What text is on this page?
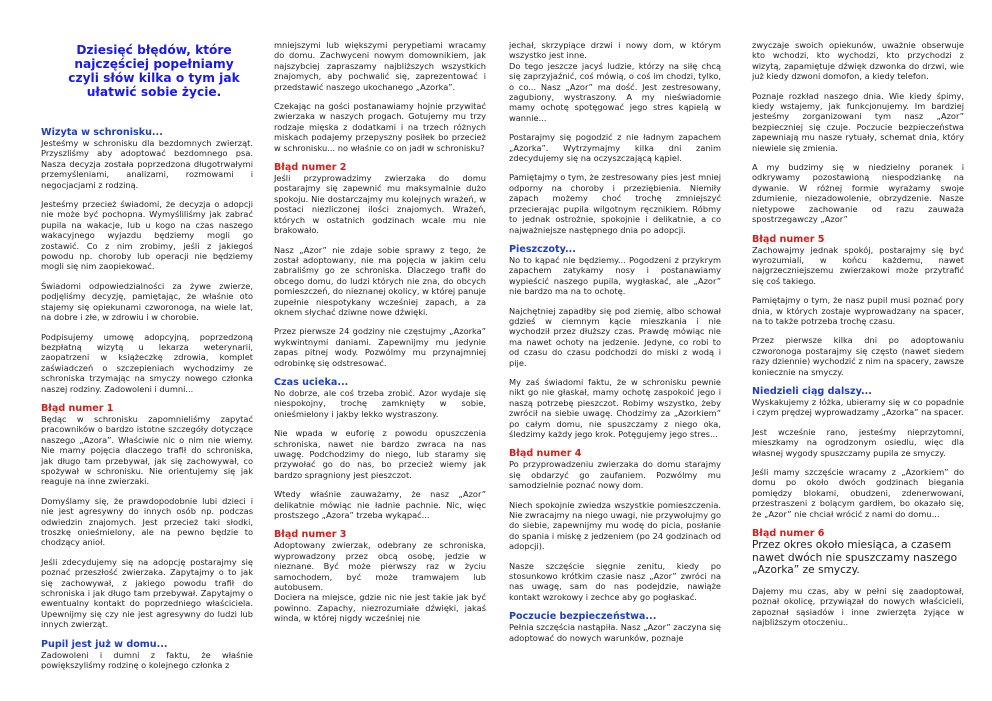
Dziesięć błędów, które najczęściej popełniamy czyli słów kilka o tym jak ułatwić sobie życie.
Wizyta w schronisku...

Jesteśmy w schronisku dla bezdomnych zwierząt. Przyszliśmy aby adoptować bezdomnego psa. Nasza decyzja została poprzedzona długotrwałymi przemyśleniami, analizami, rozmowami i negocjacjami z rodziną.

Jesteśmy przecież świadomi, że decyzja o adopcji nie może być pochopna. Wymyśliliśmy jak zabrać pupila na wakacje, lub u kogo na czas naszego wakacyjnego wyjazdu będziemy mogli go zostawić. Co z nim zrobimy, jeśli z jakiegoś powodu np. choroby lub operacji nie będziemy mogli się nim zaopiekować.

Świadomi odpowiedzialności za żywe zwierze, podjęliśmy decyzję, pamiętając, że właśnie oto stajemy się opiekunami czworonoga, na wiele lat, na dobre i złe, w zdrowiu i w chorobie.

Podpisujemy umowę adopcyjną, poprzedzoną bezpłatną wizytą u lekarza weterynarii, zaopatrzeni w książeczkę zdrowia, komplet zaświadczeń o szczepieniach wychodzimy ze schroniska trzymając na smyczy nowego członka naszej rodziny. Zadowoleni i dumni...

Błąd numer 1

Będąc w schronisku zapomnieliśmy zapytać pracowników o bardzo istotne szczegóły dotyczące naszego „Azora”. Właściwie nic o nim nie wiemy. Nie mamy pojęcia dlaczego trafił do schroniska, jak długo tam przebywał, jak się zachowywał, co spożywał w schronisku. Nie orientujemy się jak reaguje na inne zwierzaki.

Domyślamy się, że prawdopodobnie lubi dzieci i nie jest agresywny do innych osób np. podczas odwiedzin znajomych. Jest przecież taki słodki, troszkę onieśmielony, ale na pewno będzie to chodzący anioł.

Jeśli zdecydujemy się na adopcję postarajmy się poznać przeszłość zwierzaka. Zapytajmy o to jak się zachowywał, z jakiego powodu trafił do schroniska i jak długo tam przebywał. Zapytajmy o ewentualny kontakt do poprzedniego właściciela. Upewnijmy się czy nie jest agresywny do ludzi lub innych zwierząt.

Pupil jest już w domu...

Zadowoleni i dumni z faktu, że właśnie powiększyliśmy rodzinę o kolejnego członka z

mniejszymi lub większymi perypetiami wracamy do domu. Zachwyceni nowym domownikiem, jak najszybciej zapraszamy najbliższych wszystkich znajomych, aby pochwalić się, zaprezentować i przedstawić naszego ukochanego „Azorka”.

Czekając na gości postanawiamy hojnie przywitać zwierzaka w naszych progach. Gotujemy mu trzy rodzaje mięska z dodatkami i na trzech różnych miskach podajemy przepyszny posiłek bo przecież w schronisku... no właśnie co on jadł w schronisku?

Błąd numer 2

Jeśli przyprowadzimy zwierzaka do domu postarajmy się zapewnić mu maksymalnie dużo spokoju. Nie dostarczajmy mu kolejnych wrażeń, w postaci niezliczonej ilości znajomych. Wrażeń, których w ostatnich godzinach wcale mu nie brakowało.

Nasz „Azor” nie zdaje sobie sprawy z tego, że został adoptowany, nie ma pojęcia w jakim celu zabraliśmy go ze schroniska. Dlaczego trafił do obcego domu, do ludzi których nie zna, do obcych pomieszczeń, do nieznanej okolicy, w której panuje zupełnie niespotykany wcześniej zapach, a za oknem słychać dziwne nowe dźwięki.

Przez pierwsze 24 godziny nie częstujmy „Azorka” wykwintnymi daniami. Zapewnijmy mu jedynie zapas pitnej wody. Pozwólmy mu przynajmniej odrobinkę się odstresować.

Czas ucieka...

No dobrze, ale coś trzeba zrobić. Azor wydaje się niespokojny, trochę zamknięty w sobie, onieśmielony i jakby lekko wystraszony.

Nie wpada w euforię z powodu opuszczenia schroniska, nawet nie bardzo zwraca na nas uwagę. Podchodzimy do niego, lub staramy się przywołać go do nas, bo przecież wiemy jak bardzo spragniony jest pieszczot.

Wtedy właśnie zauważamy, że nasz „Azor” delikatnie mówiąc nie ładnie pachnie. Nic, więc prostszego „Azora” trzeba wykąpać...

Błąd numer 3

Adoptowany zwierzak, odebrany ze schroniska, wyprowadzony przez obcą osobę, jedzie w nieznane. Być może pierwszy raz w życiu samochodem, być może tramwajem lub autobusem.
Dociera na miejsce, gdzie nic nie jest takie jak być powinno. Zapachy, niezrozumiałe dźwięki, jakaś winda, w której nigdy wcześniej nie

jechał, skrzypiące drzwi i nowy dom, w którym wszystko jest inne.
Do tego jeszcze jacyś ludzie, którzy na siłę chcą się zaprzyjaźnić, coś mówią, o coś im chodzi, tylko, o co... Nasz „Azor” ma dość. Jest zestresowany, zagubiony, wystraszony. A my nieświadomie mamy ochotę spotęgować jego stres kąpielą w wannie...

Postarajmy się pogodzić z nie ładnym zapachem „Azorka”. Wytrzymajmy kilka dni zanim zdecydujemy się na oczyszczającą kąpiel.

Pamiętajmy o tym, że zestresowany pies jest mniej odporny na choroby i przeziębienia. Niemiły zapach możemy choć trochę zmniejszyć przecierając pupila wilgotnym ręcznikiem. Róbmy to jednak ostrożnie, spokojnie i delikatnie, a co najważniejsze następnego dnia po adopcji.

Pieszczoty...

No to kąpać nie będziemy... Pogodzeni z przykrym zapachem zatykamy nosy i postanawiamy wypieścić naszego pupila, wygłaskać, ale „Azor” nie bardzo ma na to ochotę.

Najchętniej zapadłby się pod ziemię, albo schował gdzieś w ciemnym kącie mieszkania i nie wychodził przez dłuższy czas. Prawdę mówiąc nie ma nawet ochoty na jedzenie. Jedyne, co robi to od czasu do czasu podchodzi do miski z wodą i pije.

My zaś świadomi faktu, że w schronisku pewnie nikt go nie głaskał, mamy ochotę zaspokoić jego i naszą potrzebę pieszczot. Robimy wszystko, żeby zwrócił na siebie uwagę. Chodzimy za „Azorkiem” po całym domu, nie spuszczamy z niego oka, śledzimy każdy jego krok. Potęgujemy jego stres...

Błąd numer 4

Po przyprowadzeniu zwierzaka do domu starajmy się obdarzyć go zaufaniem. Pozwólmy mu samodzielnie poznać nowy dom.

Niech spokojnie zwiedza wszystkie pomieszczenia. Nie zwracajmy na niego uwagi, nie przywołujmy go do siebie, zapewnijmy mu wodę do picia, posłanie do spania i miskę z jedzeniem (po 24 godzinach od adopcji).

Nasze szczęście sięgnie zenitu, kiedy po stosunkowo krótkim czasie nasz „Azor” zwróci na nas uwagę, sam do nas podejdzie, nawiąże kontakt wzrokowy i zechce aby go pogłaskać.

Poczucie bezpieczeństwa...

Pełnia szczęścia nastąpiła. Nasz „Azor” zaczyna się adoptować do nowych warunków, poznaje

zwyczaje swoich opiekunów, uważnie obserwuje kto wchodzi, kto wychodzi, kto przychodzi z wizytą, zapamiętuje dźwięk dzwonka do drzwi, wie już kiedy dzwoni domofon, a kiedy telefon.

Poznaje rozkład naszego dnia. Wie kiedy śpimy, kiedy wstajemy, jak funkcjonujemy. Im bardziej jesteśmy zorganizowani tym nasz „Azor” bezpieczniej się czuje. Poczucie bezpieczeństwa zapewniają mu nasze rytuały, schemat dnia, który niewiele się zmienia.

A my budzimy się w niedzielny poranek i odkrywamy pozostawioną niespodziankę na dywanie. W różnej formie wyrażamy swoje zdumienie, niezadowolenie, obrzydzenie. Nasze nietypowe zachowanie od razu zauważa spostrzegawczy „Azor”

Błąd numer 5

Zachowajmy jednak spokój, postarajmy się być wyrozumiali, w końcu każdemu, nawet najgrzeczniejszemu zwierzakowi może przytrafić się coś takiego.

Pamiętajmy o tym, że nasz pupil musi poznać pory dnia, w których zostaje wyprowadzany na spacer, na to także potrzeba trochę czasu.

Przez pierwsze kilka dni po adoptowaniu czworonoga postarajmy się często (nawet siedem razy dziennie) wychodzić z nim na spacery, zawsze koniecznie na smyczy.

Niedzieli ciąg dalszy...

Wyskakujemy z łóżka, ubieramy się w co popadnie i czym prędzej wyprowadzamy „Azorka” na spacer.

Jest wcześnie rano, jesteśmy nieprzytomni, mieszkamy na ogrodzonym osiedlu, więc dla własnej wygody spuszczamy pupila ze smyczy.

Jeśli mamy szczęście wracamy z „Azorkiem” do domu po około dwóch godzinach biegania pomiędzy blokami, obudzeni, zdenerwowani, przestraszeni z bolącym gardłem, bo okazało się, że „Azor” nie chciał wrócić z nami do domu...

Błąd numer 6

Przez okres około miesiąca, a czasem nawet dwóch nie spuszczamy naszego „Azorka” ze smyczy.

Dajemy mu czas, aby w pełni się zaadoptował, poznał okolicę, przywiązał do nowych właścicieli, zapoznał sąsiadów i inne zwierzęta żyjące w najbliższym otoczeniu..
